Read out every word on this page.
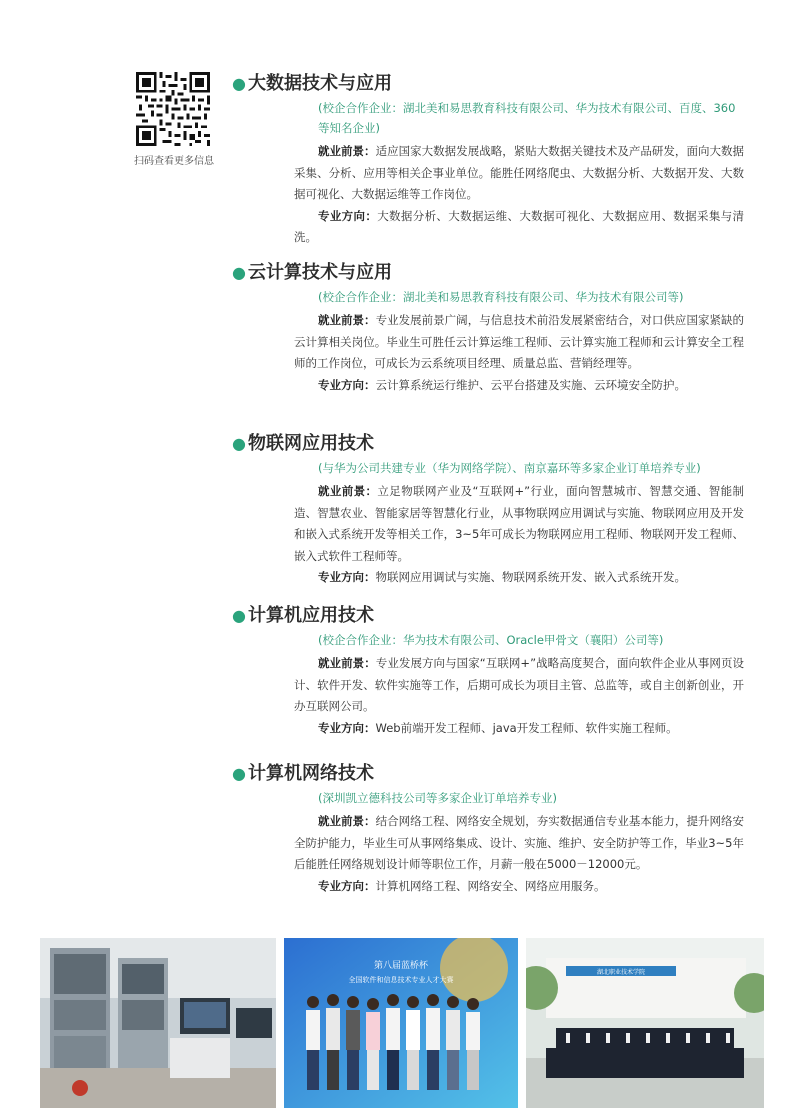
扫码查看更多信息
● 大数据技术与应用

(校企合作企业：湖北美和易思教育科技有限公司、华为技术有限公司、百度、360等知名企业)

就业前景：适应国家大数据发展战略，紧贴大数据关键技术及产品研发，面向大数据采集、分析、应用等相关企事业单位。能胜任网络爬虫、大数据分析、大数据开发、大数据可视化、大数据运维等工作岗位。

专业方向：大数据分析、大数据运维、大数据可视化、大数据应用、数据采集与清洗。

● 云计算技术与应用

(校企合作企业：湖北美和易思教育科技有限公司、华为技术有限公司等)

就业前景：专业发展前景广阔，与信息技术前沿发展紧密结合，对口供应国家紧缺的云计算相关岗位。毕业生可胜任云计算运维工程师、云计算实施工程师和云计算安全工程师的工作岗位，可成长为云系统项目经理、质量总监、营销经理等。

专业方向：云计算系统运行维护、云平台搭建及实施、云环境安全防护。

● 物联网应用技术

(与华为公司共建专业（华为网络学院）、南京嘉环等多家企业订单培养专业)

就业前景：立足物联网产业及“互联网+”行业，面向智慧城市、智慧交通、智能制造、智慧农业、智能家居等智慧化行业，从事物联网应用调试与实施、物联网应用及开发和嵌入式系统开发等相关工作，3~5年可成长为物联网应用工程师、物联网开发工程师、嵌入式软件工程师等。

专业方向：物联网应用调试与实施、物联网系统开发、嵌入式系统开发。

● 计算机应用技术

(校企合作企业：华为技术有限公司、Oracle甲骨文（襄阳）公司等)

就业前景：专业发展方向与国家“互联网+”战略高度契合，面向软件企业从事网页设计、软件开发、软件实施等工作，后期可成长为项目主管、总监等，或自主创新创业，开办互联网公司。

专业方向：Web前端开发工程师、java开发工程师、软件实施工程师。

● 计算机网络技术

(深圳凯立德科技公司等多家企业订单培养专业)

就业前景：结合网络工程、网络安全规划，夯实数据通信专业基本能力，提升网络安全防护能力，毕业生可从事网络集成、设计、实施、维护、安全防护等工作，毕业3~5年后能胜任网络规划设计师等职位工作，月薪一般在5000－12000元。

专业方向：计算机网络工程、网络安全、网络应用服务。

第八届蓝桥杯
全国软件和信息技术专业人才大赛
湖北职业技术学院
